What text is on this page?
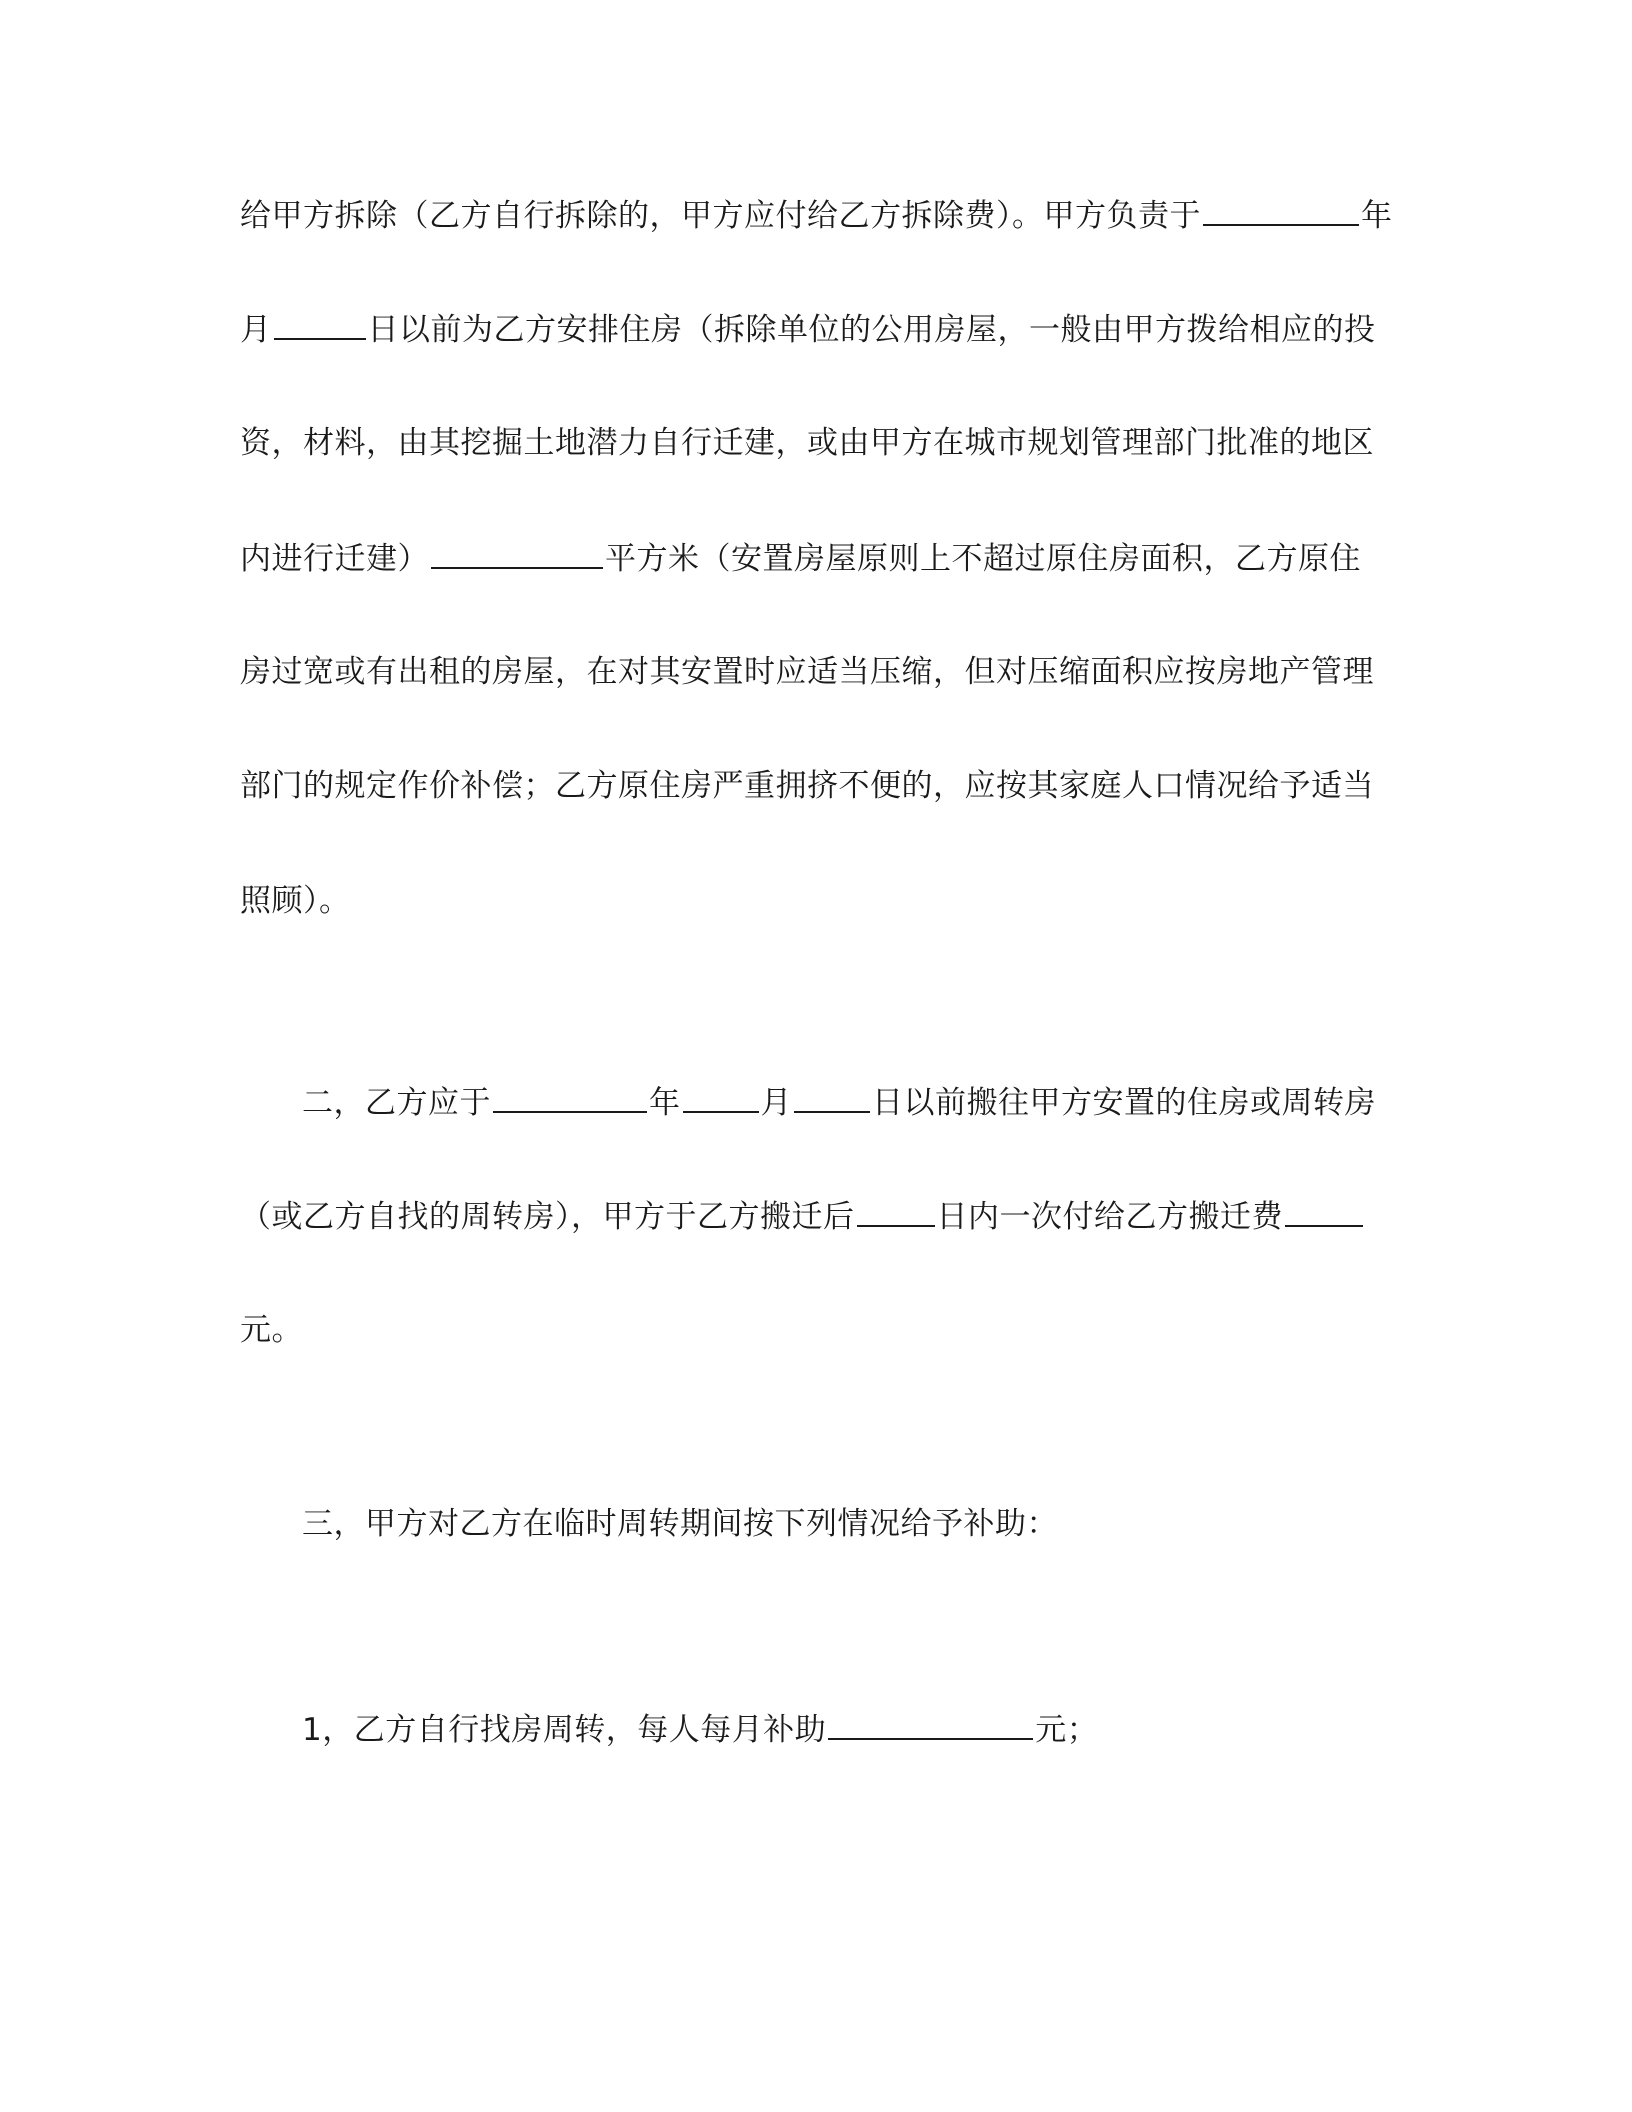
给甲方拆除（乙方自行拆除的，甲方应付给乙方拆除费）。甲方负责于	年
月	日以前为乙方安排住房（拆除单位的公用房屋，一般由甲方拨给相应的投
资，材料，由其挖掘土地潜力自行迁建，或由甲方在城市规划管理部门批准的地区
内进行迁建）	平方米（安置房屋原则上不超过原住房面积，乙方原住
房过宽或有出租的房屋，在对其安置时应适当压缩，但对压缩面积应按房地产管理
部门的规定作价补偿；乙方原住房严重拥挤不便的，应按其家庭人口情况给予适当
照顾）。
二，乙方应于	年	月	日以前搬往甲方安置的住房或周转房
（或乙方自找的周转房），甲方于乙方搬迁后	日内一次付给乙方搬迁费
元。
三，甲方对乙方在临时周转期间按下列情况给予补助：
1，乙方自行找房周转，每人每月补助	元；
